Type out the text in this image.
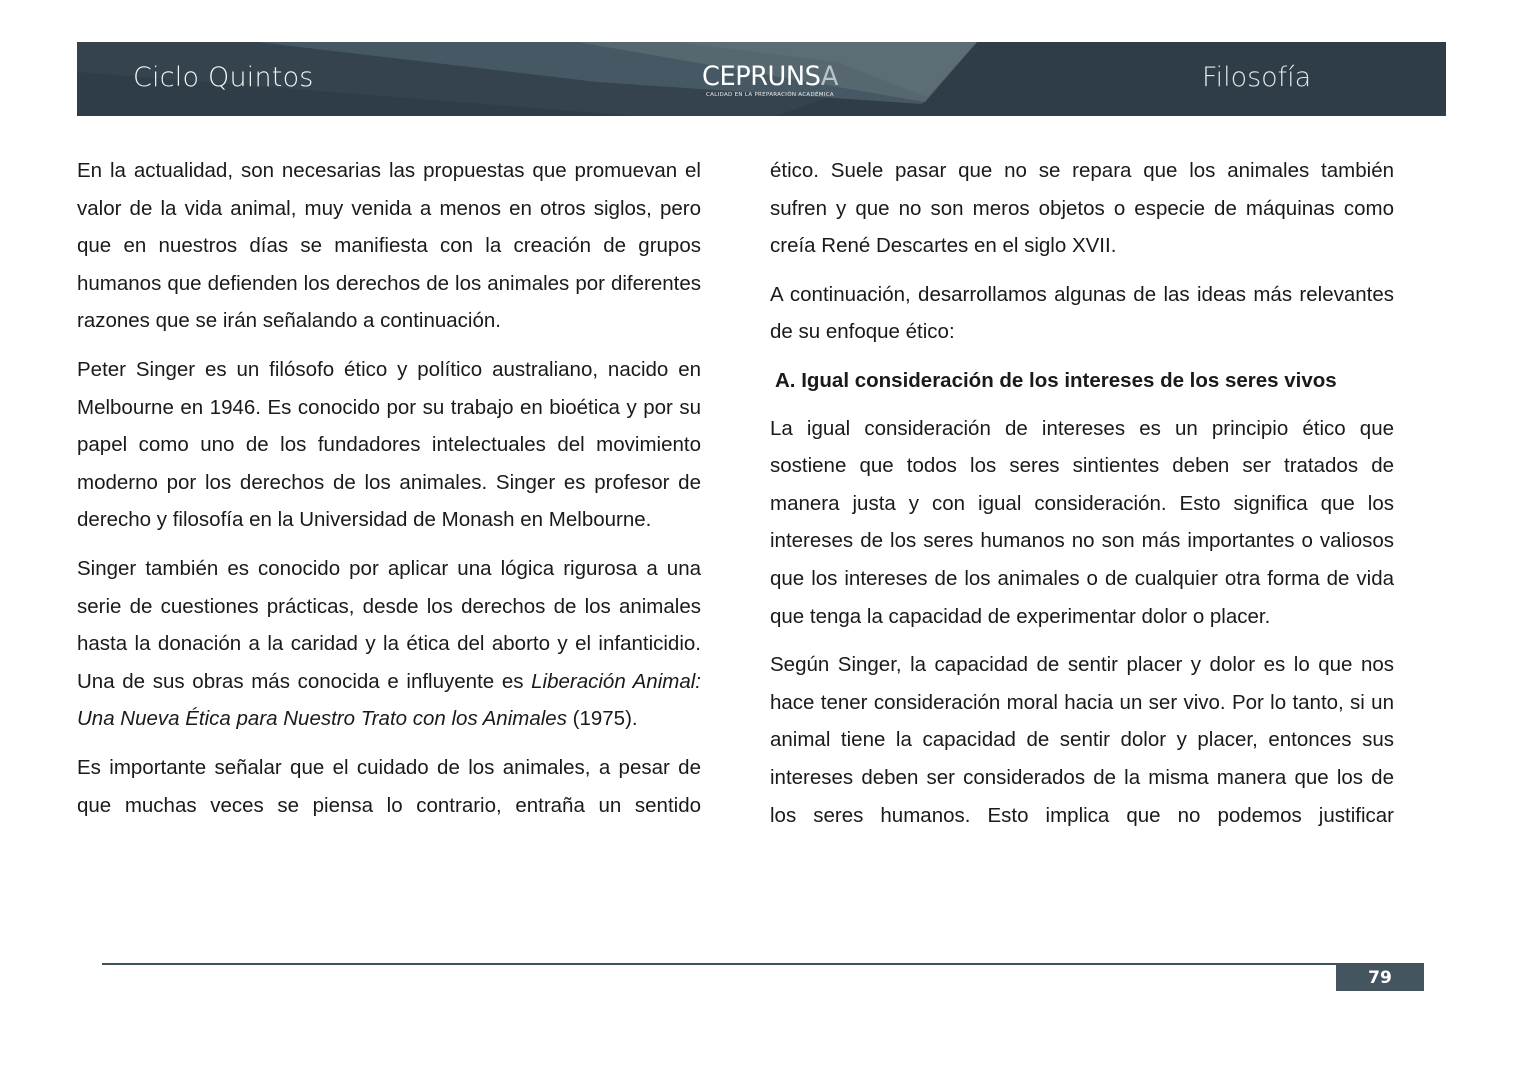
Ciclo Quintos	CEPRUNSA
CALIDAD EN LA PREPARACIÓN ACADÉMICA
Filosofía

En la actualidad, son necesarias las propuestas que promuevan el valor de la vida animal, muy venida a menos en otros siglos, pero que en nuestros días se manifiesta con la creación de grupos humanos que defienden los derechos de los animales por diferentes razones que se irán señalando a continuación.

Peter Singer es un filósofo ético y político australiano, nacido en Melbourne en 1946. Es conocido por su trabajo en bioética y por su papel como uno de los fundadores intelectuales del movimiento moderno por los derechos de los animales. Singer es profesor de derecho y filosofía en la Universidad de Monash en Melbourne.

Singer también es conocido por aplicar una lógica rigurosa a una serie de cuestiones prácticas, desde los derechos de los animales hasta la donación a la caridad y la ética del aborto y el infanticidio. Una de sus obras más conocida e influyente es Liberación Animal: Una Nueva Ética para Nuestro Trato con los Animales (1975).

Es importante señalar que el cuidado de los animales, a pesar de que muchas veces se piensa lo contrario, entraña un sentido

ético. Suele pasar que no se repara que los animales también sufren y que no son meros objetos o especie de máquinas como creía René Descartes en el siglo XVII.

A continuación, desarrollamos algunas de las ideas más relevantes de su enfoque ético:

A. Igual consideración de los intereses de los seres vivos

La igual consideración de intereses es un principio ético que sostiene que todos los seres sintientes deben ser tratados de manera justa y con igual consideración. Esto significa que los intereses de los seres humanos no son más importantes o valiosos que los intereses de los animales o de cualquier otra forma de vida que tenga la capacidad de experimentar dolor o placer.

Según Singer, la capacidad de sentir placer y dolor es lo que nos hace tener consideración moral hacia un ser vivo. Por lo tanto, si un animal tiene la capacidad de sentir dolor y placer, entonces sus intereses deben ser considerados de la misma manera que los de los seres humanos. Esto implica que no podemos justificar

79
